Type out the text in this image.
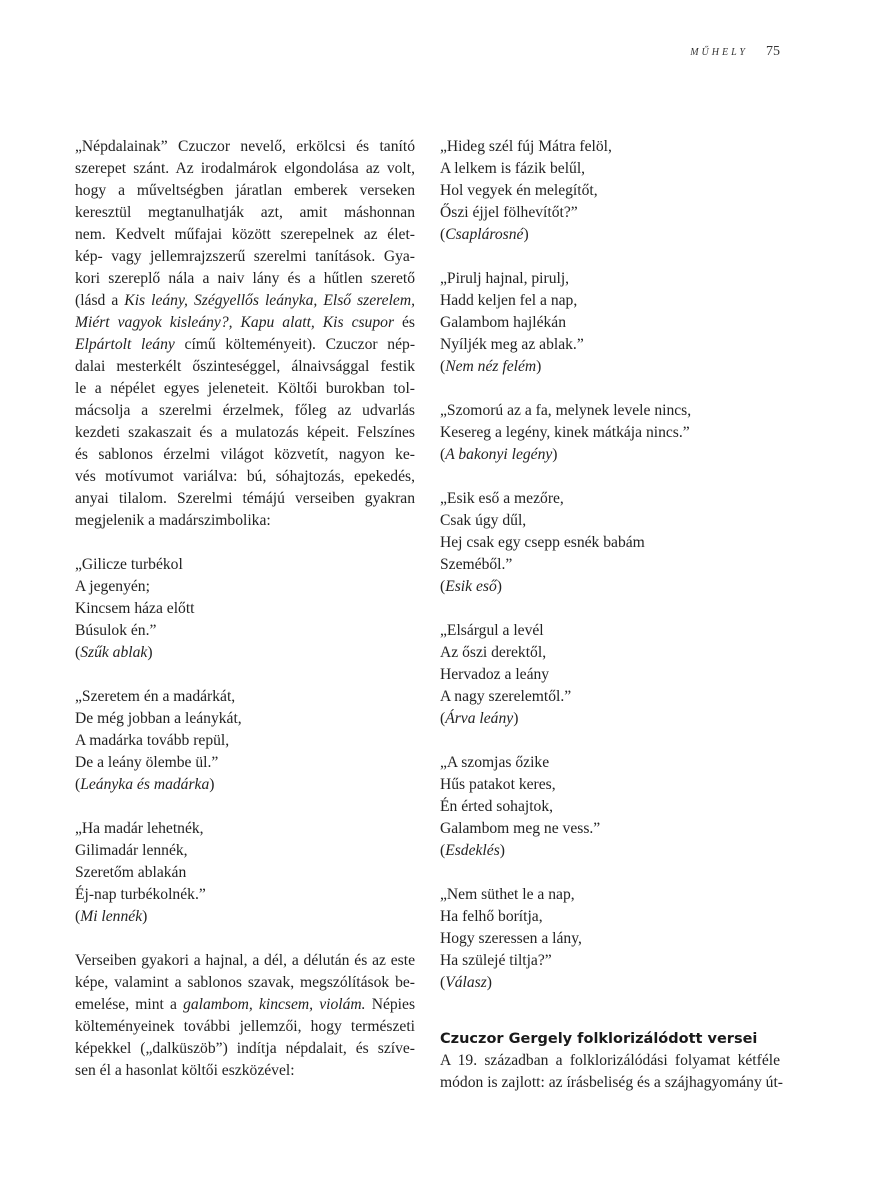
MŰHELY 75
„Népdalainak” Czuczor nevelő, erkölcsi és tanító
szerepet szánt. Az irodalmárok elgondolása az volt,
hogy a műveltségben járatlan emberek verseken
keresztül megtanulhatják azt, amit máshonnan
nem. Kedvelt műfajai között szerepelnek az élet-
kép- vagy jellemrajzszerű szerelmi tanítások. Gya-
kori szereplő nála a naiv lány és a hűtlen szerető
(lásd a Kis leány, Szégyellős leányka, Első szerelem,
Miért vagyok kisleány?, Kapu alatt, Kis csupor és
Elpártolt leány című költeményeit). Czuczor nép-
dalai mesterkélt őszinteséggel, álnaivsággal festik
le a népélet egyes jeleneteit. Költői burokban tol-
mácsolja a szerelmi érzelmek, főleg az udvarlás
kezdeti szakaszait és a mulatozás képeit. Felszínes
és sablonos érzelmi világot közvetít, nagyon ke-
vés motívumot variálva: bú, sóhajtozás, epekedés,
anyai tilalom. Szerelmi témájú verseiben gyakran
megjelenik a madárszimbolika:
„Gilicze turbékol
A jegenyén;
Kincsem háza előtt
Búsulok én.”
(Szűk ablak)
„Szeretem én a madárkát,
De még jobban a leánykát,
A madárka tovább repül,
De a leány ölembe ül.”
(Leányka és madárka)
„Ha madár lehetnék,
Gilimadár lennék,
Szeretőm ablakán
Éj-nap turbékolnék.”
(Mi lennék)
Verseiben gyakori a hajnal, a dél, a délután és az este
képe, valamint a sablonos szavak, megszólítások be-
emelése, mint a galambom, kincsem, violám. Népies
költeményeinek további jellemzői, hogy természeti
képekkel („dalküszöb”) indítja népdalait, és szíve-
sen él a hasonlat költői eszközével:
„Hideg szél fúj Mátra felöl,
A lelkem is fázik belűl,
Hol vegyek én melegítőt,
Őszi éjjel fölhevítőt?”
(Csaplárosné)
„Pirulj hajnal, pirulj,
Hadd keljen fel a nap,
Galambom hajlékán
Nyíljék meg az ablak.”
(Nem néz felém)
„Szomorú az a fa, melynek levele nincs,
Kesereg a legény, kinek mátkája nincs.”
(A bakonyi legény)
„Esik eső a mezőre,
Csak úgy dűl,
Hej csak egy csepp esnék babám
Szeméből.”
(Esik eső)
„Elsárgul a levél
Az őszi derektől,
Hervadoz a leány
A nagy szerelemtől.”
(Árva leány)
„A szomjas őzike
Hűs patakot keres,
Én érted sohajtok,
Galambom meg ne vess.”
(Esdeklés)
„Nem süthet le a nap,
Ha felhő borítja,
Hogy szeressen a lány,
Ha szülejé tiltja?”
(Válasz)
Czuczor Gergely folklorizálódott versei
A 19. században a folklorizálódási folyamat kétféle
módon is zajlott: az írásbeliség és a szájhagyomány út-
